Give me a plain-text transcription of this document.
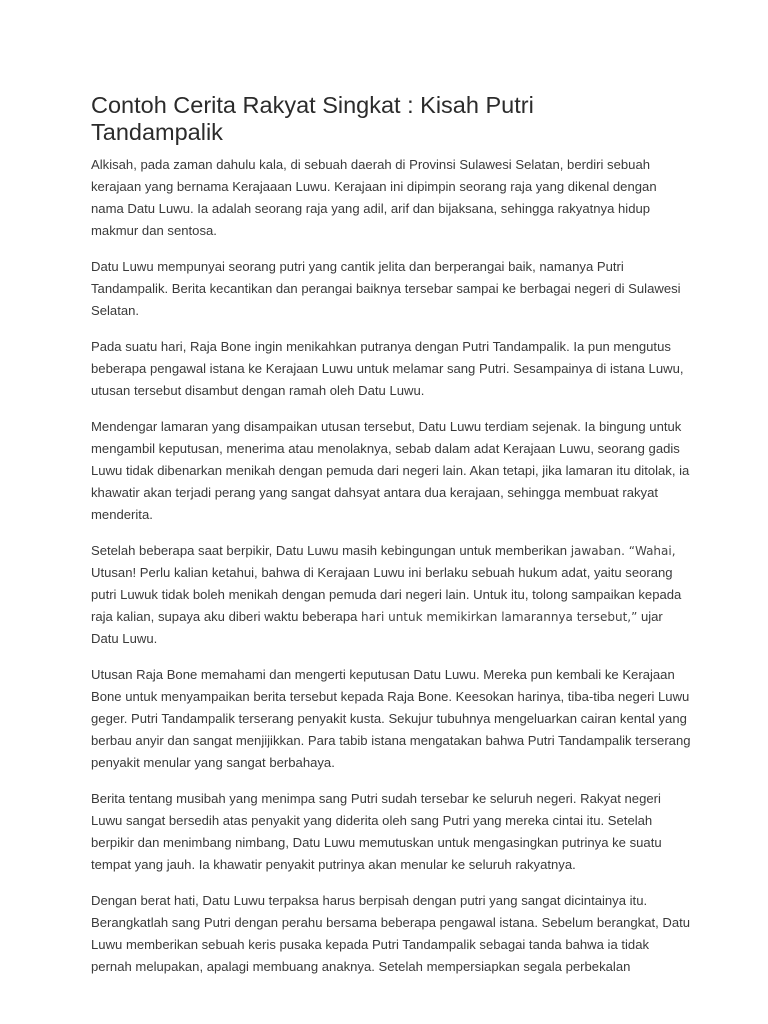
Contoh Cerita Rakyat Singkat : Kisah Putri Tandampalik

Alkisah, pada zaman dahulu kala, di sebuah daerah di Provinsi Sulawesi Selatan, berdiri sebuah kerajaan yang bernama Kerajaaan Luwu. Kerajaan ini dipimpin seorang raja yang dikenal dengan nama Datu Luwu. Ia adalah seorang raja yang adil, arif dan bijaksana, sehingga rakyatnya hidup makmur dan sentosa.

Datu Luwu mempunyai seorang putri yang cantik jelita dan berperangai baik, namanya Putri Tandampalik. Berita kecantikan dan perangai baiknya tersebar sampai ke berbagai negeri di Sulawesi Selatan.

Pada suatu hari, Raja Bone ingin menikahkan putranya dengan Putri Tandampalik. Ia pun mengutus beberapa pengawal istana ke Kerajaan Luwu untuk melamar sang Putri. Sesampainya di istana Luwu, utusan tersebut disambut dengan ramah oleh Datu Luwu.

Mendengar lamaran yang disampaikan utusan tersebut, Datu Luwu terdiam sejenak. Ia bingung untuk mengambil keputusan, menerima atau menolaknya, sebab dalam adat Kerajaan Luwu, seorang gadis Luwu tidak dibenarkan menikah dengan pemuda dari negeri lain. Akan tetapi, jika lamaran itu ditolak, ia khawatir akan terjadi perang yang sangat dahsyat antara dua kerajaan, sehingga membuat rakyat menderita.

Setelah beberapa saat berpikir, Datu Luwu masih kebingungan untuk memberikan jawaban. “Wahai, Utusan! Perlu kalian ketahui, bahwa di Kerajaan Luwu ini berlaku sebuah hukum adat, yaitu seorang putri Luwuk tidak boleh menikah dengan pemuda dari negeri lain. Untuk itu, tolong sampaikan kepada raja kalian, supaya aku diberi waktu beberapa hari untuk memikirkan lamarannya tersebut,” ujar Datu Luwu.

Utusan Raja Bone memahami dan mengerti keputusan Datu Luwu. Mereka pun kembali ke Kerajaan Bone untuk menyampaikan berita tersebut kepada Raja Bone. Keesokan harinya, tiba-tiba negeri Luwu geger. Putri Tandampalik terserang penyakit kusta. Sekujur tubuhnya mengeluarkan cairan kental yang berbau anyir dan sangat menjijikkan. Para tabib istana mengatakan bahwa Putri Tandampalik terserang penyakit menular yang sangat berbahaya.

Berita tentang musibah yang menimpa sang Putri sudah tersebar ke seluruh negeri. Rakyat negeri Luwu sangat bersedih atas penyakit yang diderita oleh sang Putri yang mereka cintai itu. Setelah berpikir dan menimbang nimbang, Datu Luwu memutuskan untuk mengasingkan putrinya ke suatu tempat yang jauh. Ia khawatir penyakit putrinya akan menular ke seluruh rakyatnya.

Dengan berat hati, Datu Luwu terpaksa harus berpisah dengan putri yang sangat dicintainya itu. Berangkatlah sang Putri dengan perahu bersama beberapa pengawal istana. Sebelum berangkat, Datu Luwu memberikan sebuah keris pusaka kepada Putri Tandampalik sebagai tanda bahwa ia tidak pernah melupakan, apalagi membuang anaknya. Setelah mempersiapkan segala perbekalan
